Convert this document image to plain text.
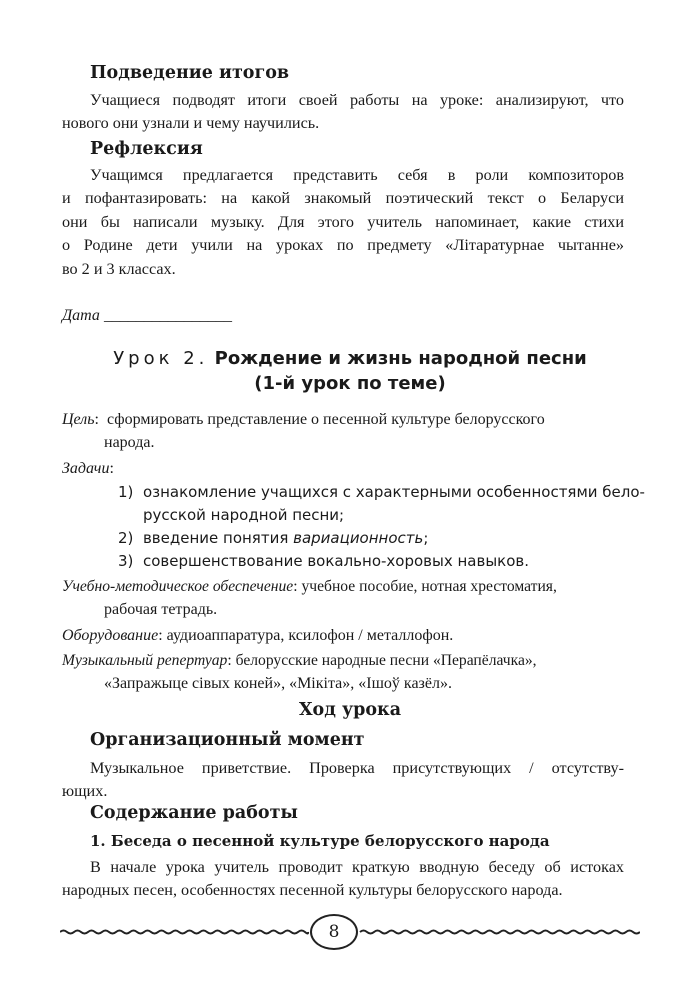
Подведение итогов
Учащиеся подводят итоги своей работы на уроке: анализируют, что
нового они узнали и чему научились.
Рефлексия
Учащимся предлагается представить себя в роли композиторов
и пофантазировать: на какой знакомый поэтический текст о Беларуси
они бы написали музыку. Для этого учитель напоминает, какие стихи
о Родине дети учили на уроках по предмету «Літаратурнае чытанне»
во 2 и 3 классах.
Дата ________________
Урок 2. Рождение и жизнь народной песни
(1-й урок по теме)
Цель:  сформировать представление о песенной культуре белорусского
народа.
Задачи:
1) ознакомление учащихся с характерными особенностями бело-
русской народной песни;
2) введение понятия вариационность;
3) совершенствование вокально-хоровых навыков.
Учебно-методическое обеспечение: учебное пособие, нотная хрестоматия,
рабочая тетрадь.
Оборудование: аудиоаппаратура, ксилофон / металлофон.
Музыкальный репертуар: белорусские народные песни «Перапёлачка»,
«Запражыце сівых коней», «Мікіта», «Ішоў казёл».
Ход урока
Организационный момент
Музыкальное приветствие. Проверка присутствующих / отсутству-
ющих.
Содержание работы
1. Беседа о песенной культуре белорусского народа
В начале урока учитель проводит краткую вводную беседу об истоках
народных песен, особенностях песенной культуры белорусского народа.
8
